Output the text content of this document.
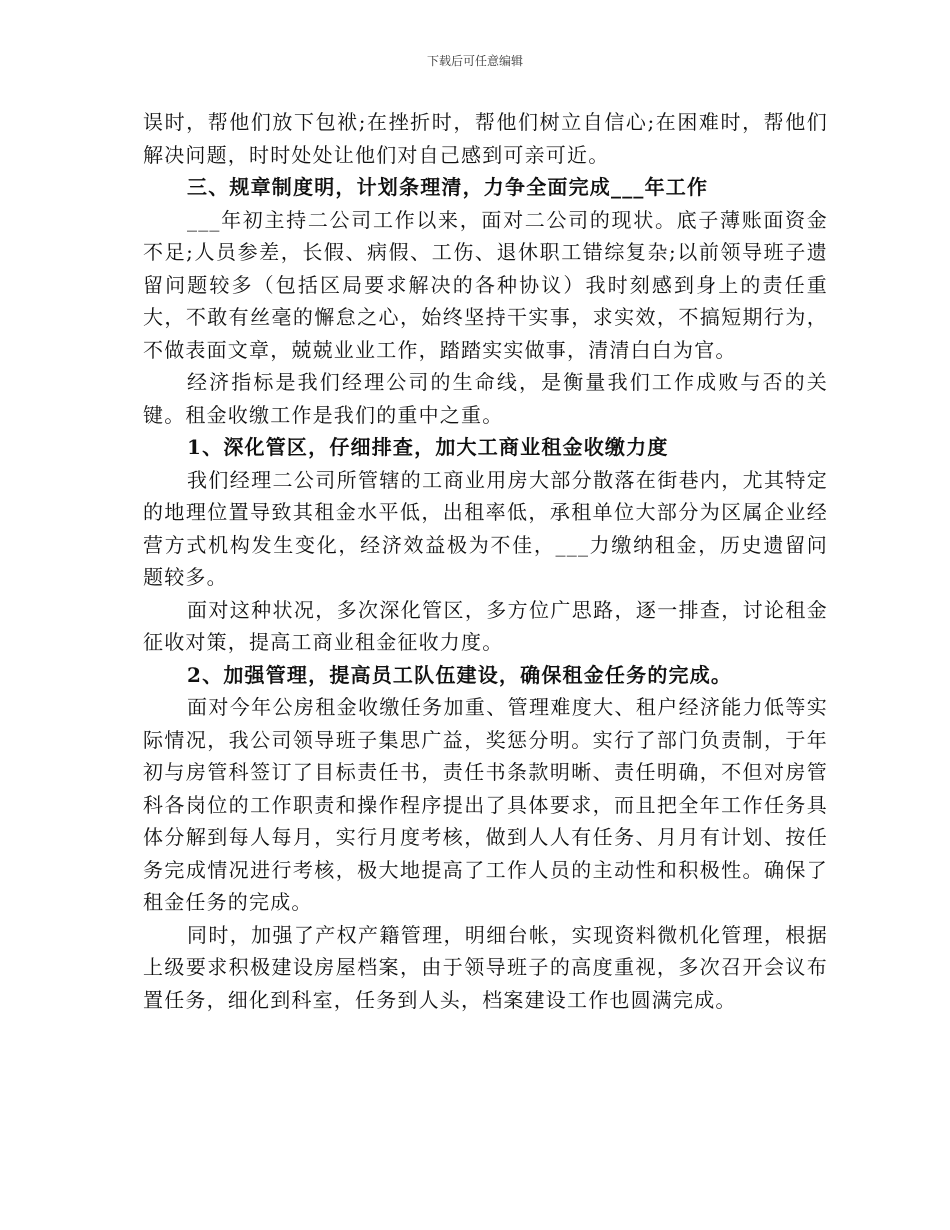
下载后可任意编辑

误时，帮他们放下包袱;在挫折时，帮他们树立自信心;在困难时，帮他们解决问题，时时处处让他们对自己感到可亲可近。

三、规章制度明，计划条理清，力争全面完成___年工作

___年初主持二公司工作以来，面对二公司的现状。底子薄账面资金不足;人员参差，长假、病假、工伤、退休职工错综复杂;以前领导班子遗留问题较多（包括区局要求解决的各种协议）我时刻感到身上的责任重大，不敢有丝毫的懈怠之心，始终坚持干实事，求实效，不搞短期行为，不做表面文章，兢兢业业工作，踏踏实实做事，清清白白为官。

经济指标是我们经理公司的生命线，是衡量我们工作成败与否的关键。租金收缴工作是我们的重中之重。

1、深化管区，仔细排查，加大工商业租金收缴力度

我们经理二公司所管辖的工商业用房大部分散落在街巷内，尤其特定的地理位置导致其租金水平低，出租率低，承租单位大部分为区属企业经营方式机构发生变化，经济效益极为不佳，___力缴纳租金，历史遗留问题较多。

面对这种状况，多次深化管区，多方位广思路，逐一排查，讨论租金征收对策，提高工商业租金征收力度。

2、加强管理，提高员工队伍建设，确保租金任务的完成。

面对今年公房租金收缴任务加重、管理难度大、租户经济能力低等实际情况，我公司领导班子集思广益，奖惩分明。实行了部门负责制，于年初与房管科签订了目标责任书，责任书条款明晰、责任明确，不但对房管科各岗位的工作职责和操作程序提出了具体要求，而且把全年工作任务具体分解到每人每月，实行月度考核，做到人人有任务、月月有计划、按任务完成情况进行考核，极大地提高了工作人员的主动性和积极性。确保了租金任务的完成。

同时，加强了产权产籍管理，明细台帐，实现资料微机化管理，根据上级要求积极建设房屋档案，由于领导班子的高度重视，多次召开会议布置任务，细化到科室，任务到人头，档案建设工作也圆满完成。
